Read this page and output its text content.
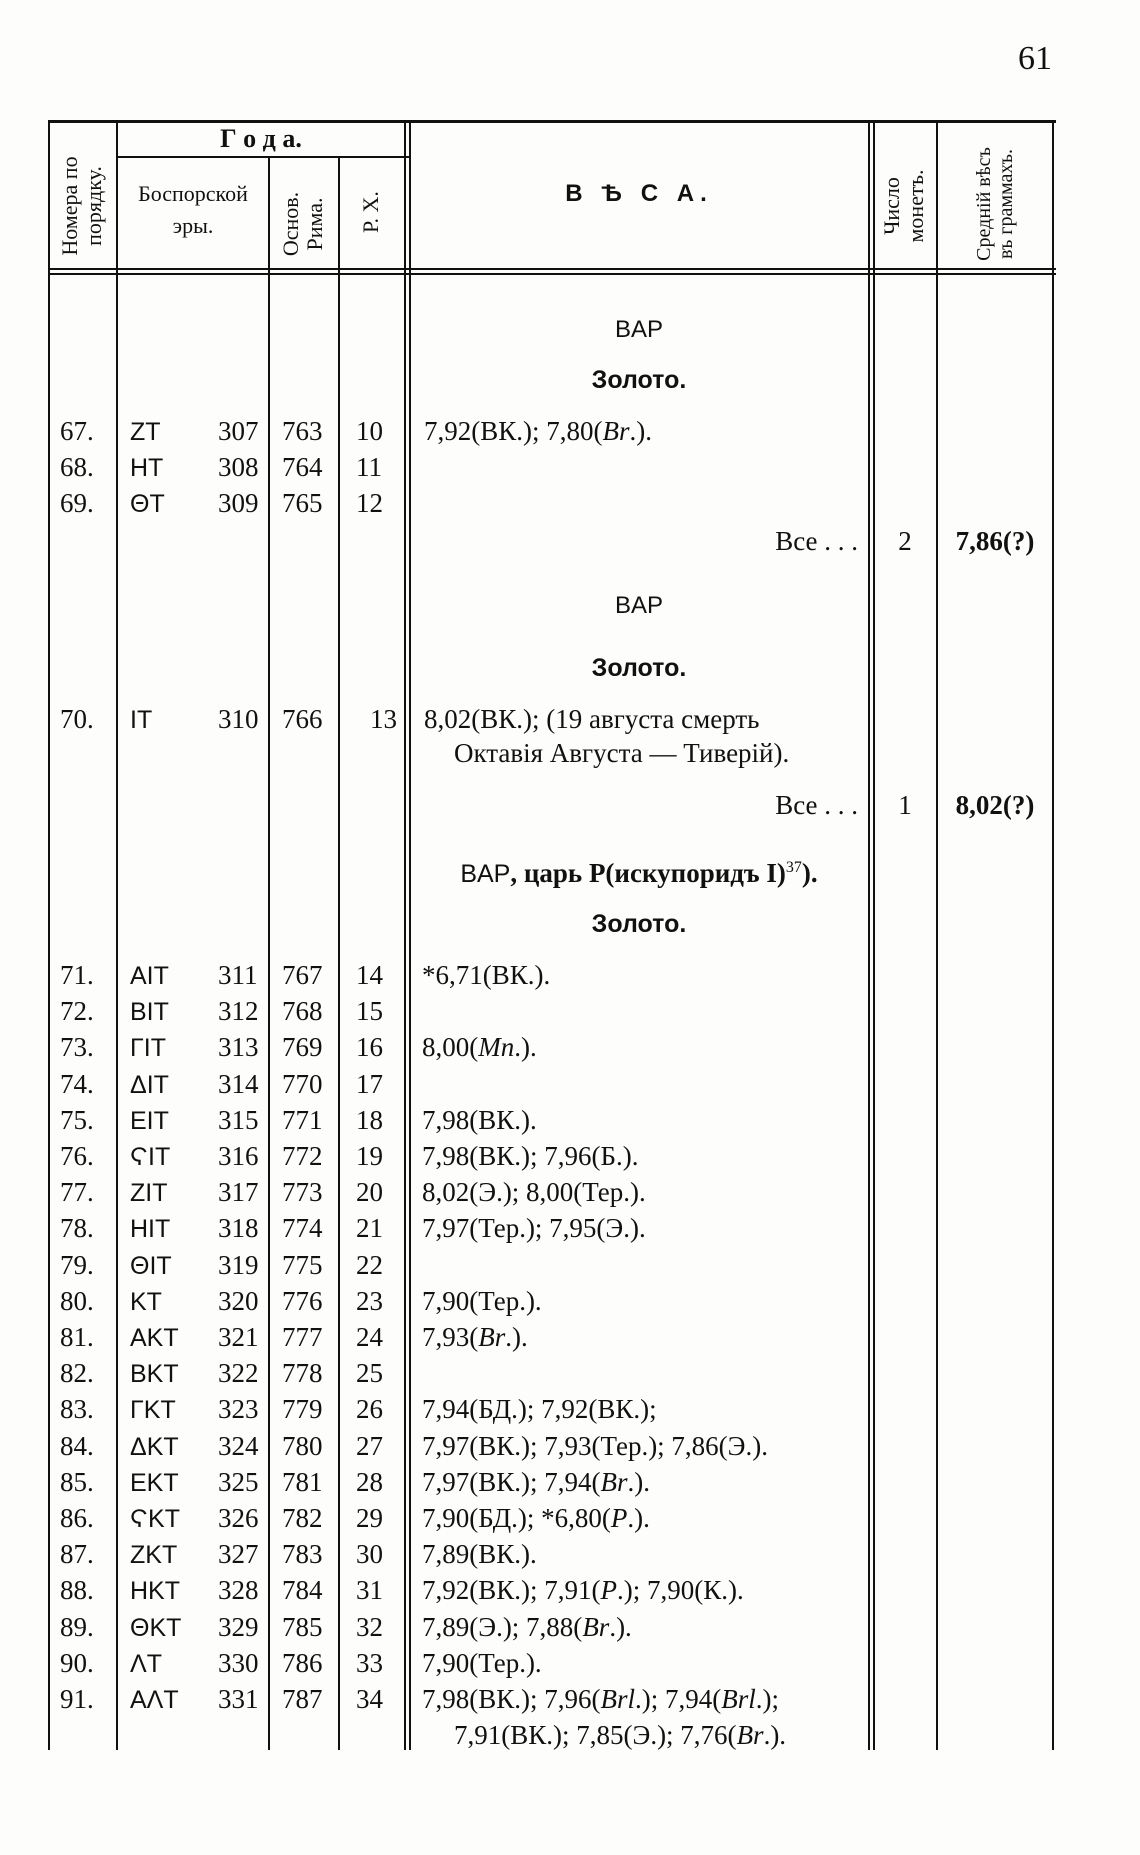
61
Номера по порядку.
Г о д а.
Боспорской эры.	Основ. Рима. Р. Х.	В Ѣ С А.	Число монетъ. Средній вѣсъ въ граммахъ.
ΒΑΡ
Золото.
67. ZT 307 763 10 7,92(ВК.); 7,80(Br.).
68. HT 308 764 11
69. ΘT 309 765 12
Все . . .	2	7,86(?)
ΒΑΡ
Золото.
70. IT 310 766 13 8,02(ВК.); (19 августа смерть
Октавія Августа — Тиверій).
Все . . .	1	8,02(?)
ΒΑΡ, царь Р(искупоридъ I)$^{37}$).
Золото.
71. AIT 311 767 14 *6,71(ВК.).
72. BIT 312 768 15
73. ΓIT 313 769 16 8,00(Mn.).
74. ΔIT 314 770 17
75. EIT 315 771 18 7,98(ВК.).
76. ϚIT 316 772 19 7,98(ВК.); 7,96(Б.).
77. ZIT 317 773 20 8,02(Э.); 8,00(Тер.).
78. HIT 318 774 21 7,97(Тер.); 7,95(Э.).
79. ΘIT 319 775 22
80. KT 320 776 23 7,90(Тер.).
81. AKT 321 777 24 7,93(Br.).
82. BKT 322 778 25
83. ΓKT 323 779 26 7,94(БД.); 7,92(ВК.);
84. ΔKT 324 780 27 7,97(ВК.); 7,93(Тер.); 7,86(Э.).
85. EKT 325 781 28 7,97(ВК.); 7,94(Br.).
86. ϚKT 326 782 29 7,90(БД.); *6,80(P.).
87. ZKT 327 783 30 7,89(ВК.).
88. HKT 328 784 31 7,92(ВК.); 7,91(P.); 7,90(К.).
89. ΘKT 329 785 32 7,89(Э.); 7,88(Br.).
90. ΛT 330 786 33 7,90(Тер.).
91. AΛT 331 787 34 7,98(ВК.); 7,96(Brl.); 7,94(Brl.);
7,91(ВК.); 7,85(Э.); 7,76(Br.).
